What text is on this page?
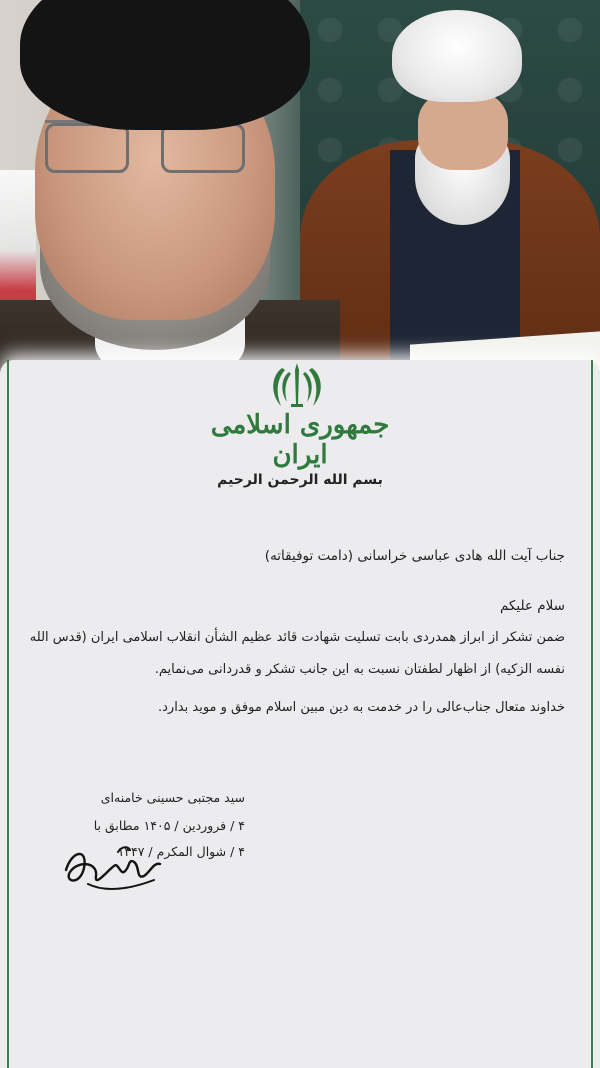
جمهوری اسلامی ایران
بسم الله الرحمن الرحیم
جناب آیت الله هادی عباسی خراسانی (دامت توفیقاته)
سلام علیکم
ضمن تشکر از ابراز همدردی بابت تسلیت شهادت قائد عظیم الشأن انقلاب اسلامی ایران (قدس الله
نفسه الزکیه) از اظهار لطفتان نسبت به این جانب تشکر و قدردانی می‌نمایم.
خداوند متعال جناب‌عالی را در خدمت به دین مبین اسلام موفق و موید بدارد.
سید مجتبی حسینی خامنه‌ای
۴ / فروردین / ۱۴۰۵ مطابق با
۴ / شوال المکرم / ۱۴۴۷
